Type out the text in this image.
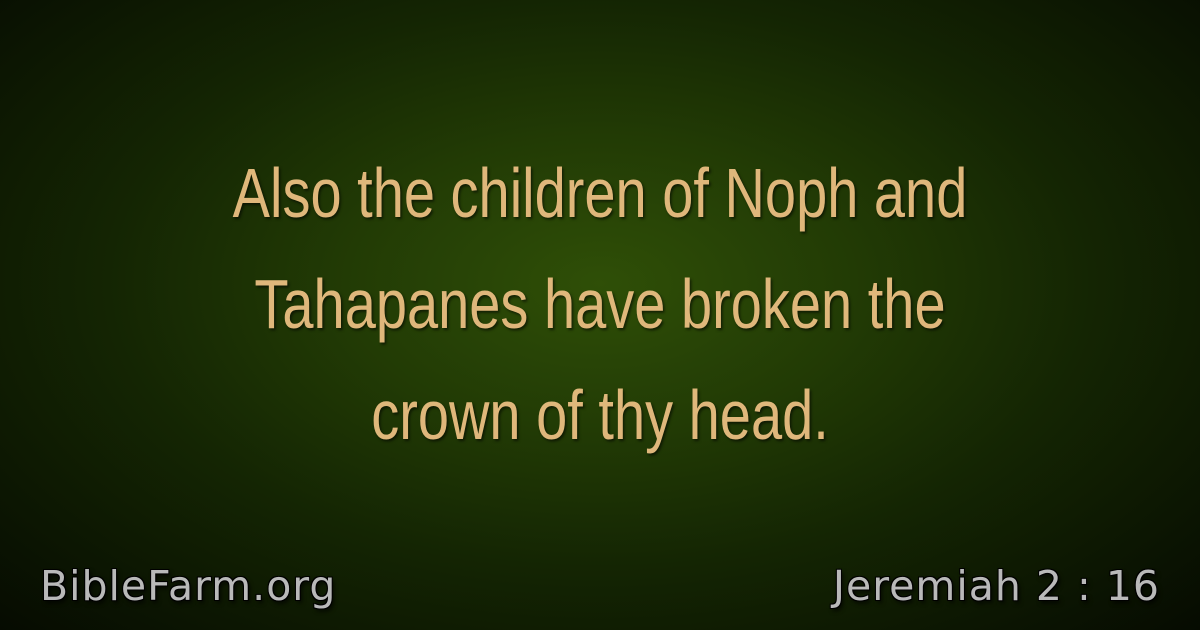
Also the children of Noph and Tahapanes have broken the crown of thy head.

BibleFarm.org	Jeremiah 2 : 16
